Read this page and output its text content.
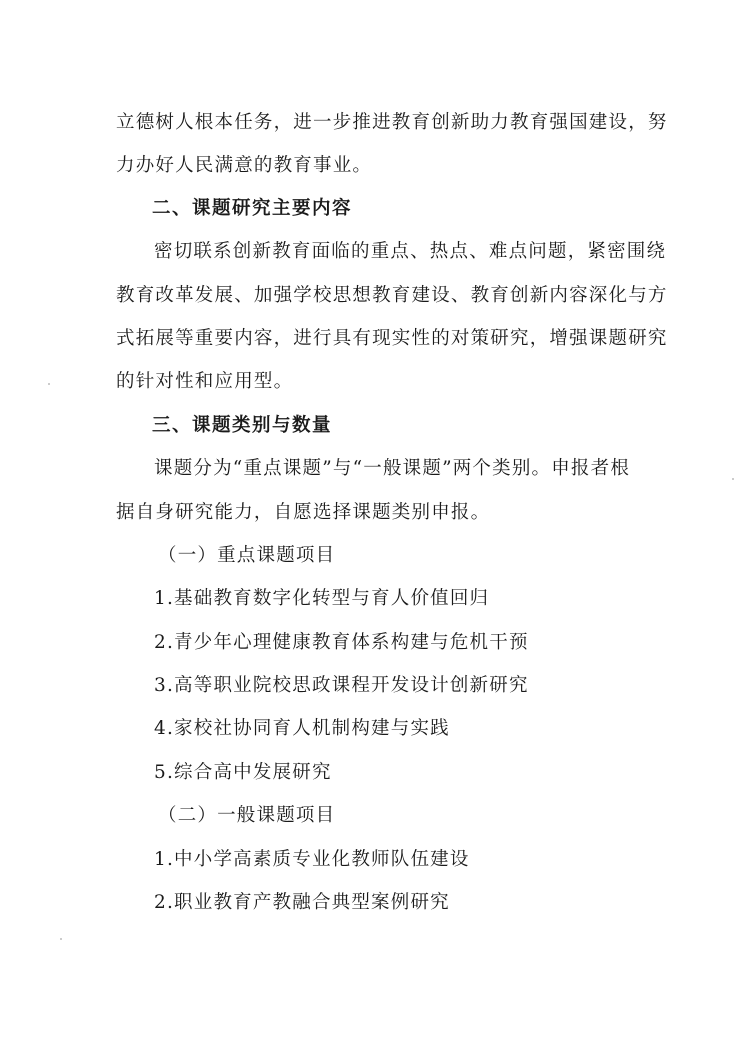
立德树人根本任务，进一步推进教育创新助力教育强国建设，努
力办好人民满意的教育事业。
二、课题研究主要内容
密切联系创新教育面临的重点、热点、难点问题，紧密围绕
教育改革发展、加强学校思想教育建设、教育创新内容深化与方
式拓展等重要内容，进行具有现实性的对策研究，增强课题研究
的针对性和应用型。
三、课题类别与数量
课题分为“重点课题”与“一般课题”两个类别。申报者根
据自身研究能力，自愿选择课题类别申报。
（一）重点课题项目
1.基础教育数字化转型与育人价值回归
2.青少年心理健康教育体系构建与危机干预
3.高等职业院校思政课程开发设计创新研究
4.家校社协同育人机制构建与实践
5.综合高中发展研究
（二）一般课题项目
1.中小学高素质专业化教师队伍建设
2.职业教育产教融合典型案例研究
